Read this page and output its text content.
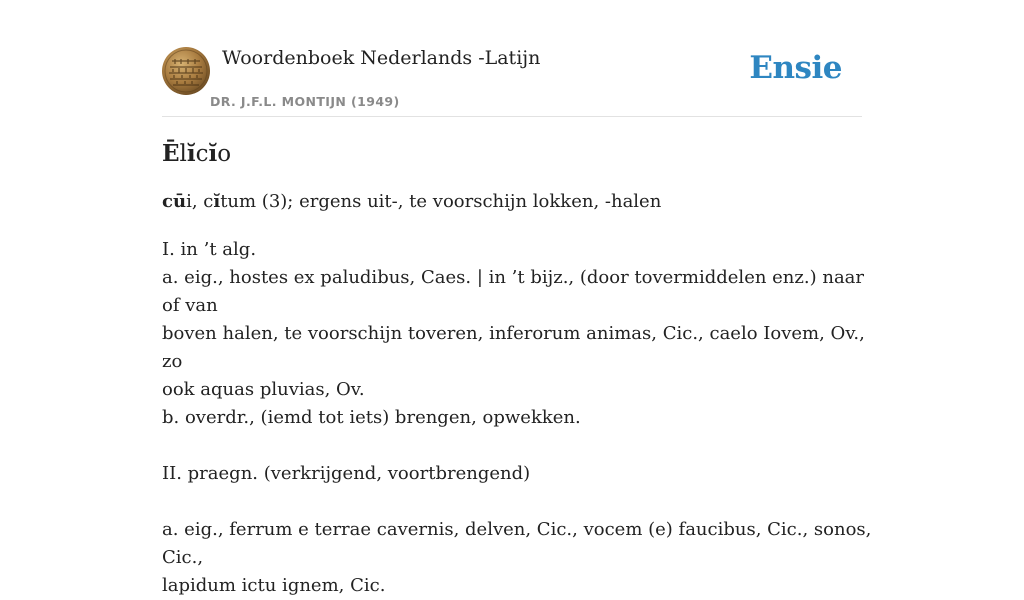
Woordenboek Nederlands -Latijn
DR. J.F.L. MONTIJN (1949)
Ensie
Ēlĭcĭo
cūi, cĭtum (3); ergens uit-, te voorschijn lokken, -halen
I. in ’t alg.
a. eig., hostes ex paludibus, Caes. | in ’t bijz., (door tovermiddelen enz.) naar of van
boven halen, te voorschijn toveren, inferorum animas, Cic., caelo Iovem, Ov., zo
ook aquas pluvias, Ov.
b. overdr., (iemd tot iets) brengen, opwekken.
II. praegn. (verkrijgend, voortbrengend)
a. eig., ferrum e terrae cavernis, delven, Cic., vocem (e) faucibus, Cic., sonos, Cic.,
lapidum ictu ignem, Cic.
